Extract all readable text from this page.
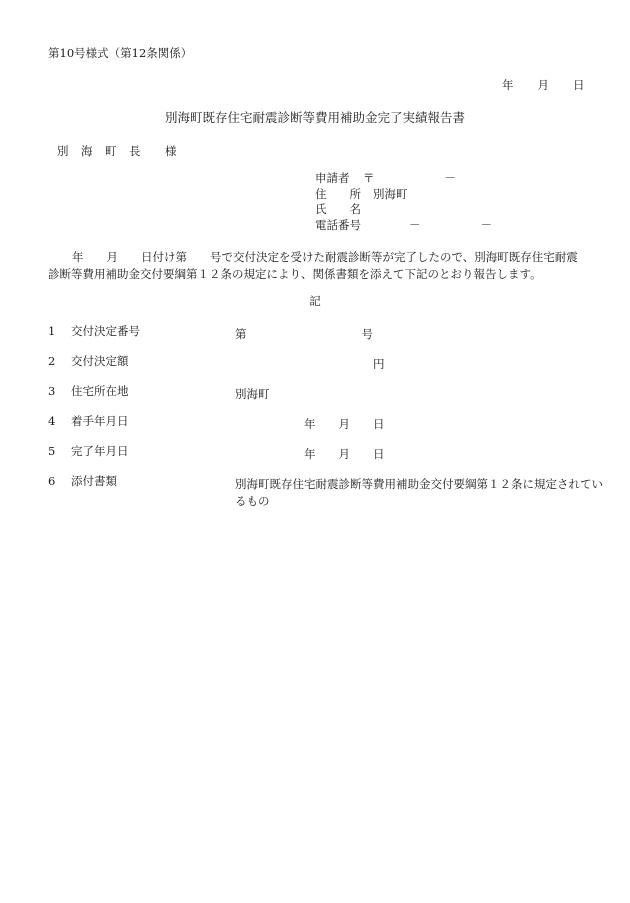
第10号様式（第12条関係）
年 月 日
別海町既存住宅耐震診断等費用補助金完了実績報告書
別　海　町　長　　様
申請者	〒	－
住　　所	別海町
氏　　名
電話番号	－	－

年　　月　　日付け第　　号で交付決定を受けた耐震診断等が完了したので、別海町既存住宅耐震診断等費用補助金交付要綱第１２条の規定により、関係書類を添えて下記のとおり報告します。

記
1	交付決定番号	第　　　　　　　　　　号
2	交付決定額	　　　　　　　　　　　　円
3	住宅所在地	別海町
4	着手年月日	　　　　　　年　　月　　日
5	完了年月日	　　　　　　年　　月　　日
6	添付書類	別海町既存住宅耐震診断等費用補助金交付要綱第１２条に規定されているもの
